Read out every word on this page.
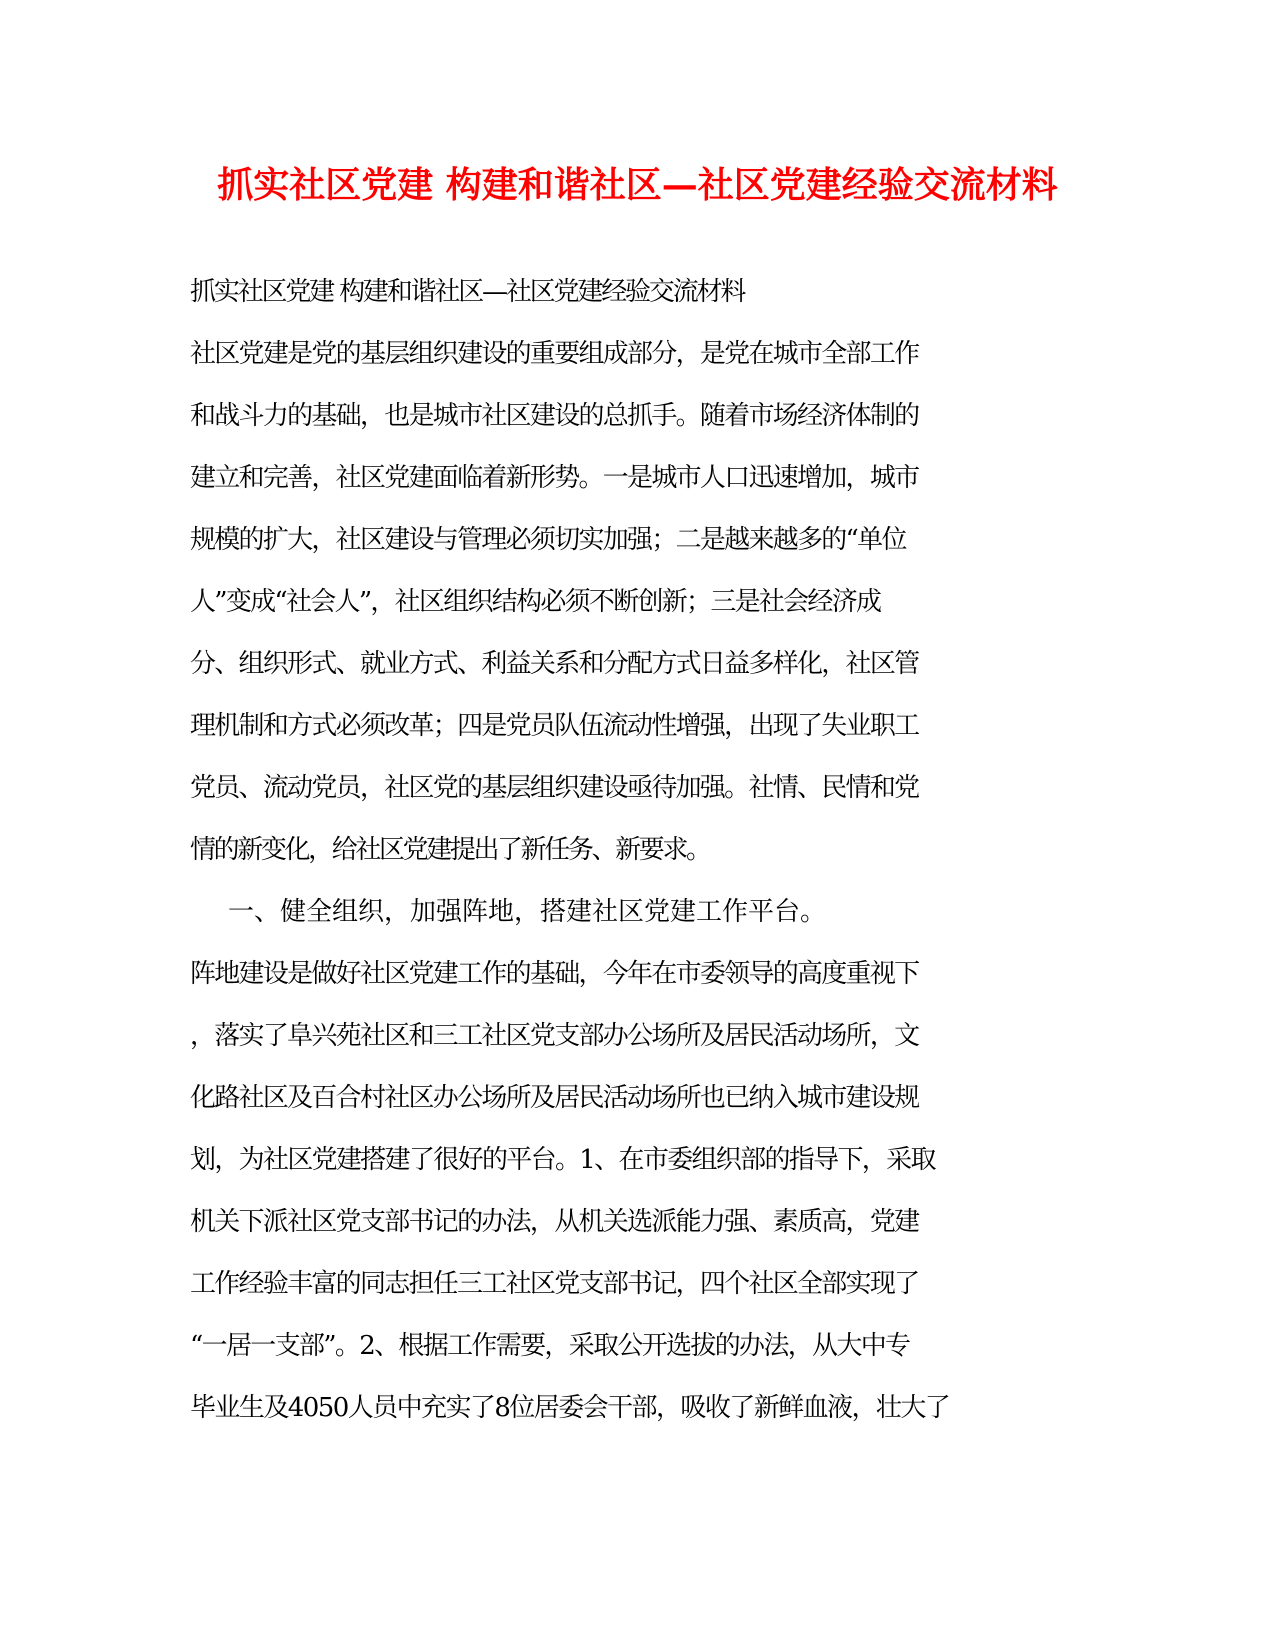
抓实社区党建 构建和谐社区—社区党建经验交流材料
抓实社区党建 构建和谐社区—社区党建经验交流材料
社区党建是党的基层组织建设的重要组成部分，是党在城市全部工作
和战斗力的基础，也是城市社区建设的总抓手。随着市场经济体制的
建立和完善，社区党建面临着新形势。一是城市人口迅速增加，城市
规模的扩大，社区建设与管理必须切实加强；二是越来越多的“单位
人”变成“社会人”，社区组织结构必须不断创新；三是社会经济成
分、组织形式、就业方式、利益关系和分配方式日益多样化，社区管
理机制和方式必须改革；四是党员队伍流动性增强，出现了失业职工
党员、流动党员，社区党的基层组织建设亟待加强。社情、民情和党
情的新变化，给社区党建提出了新任务、新要求。
一、健全组织，加强阵地，搭建社区党建工作平台。
阵地建设是做好社区党建工作的基础，今年在市委领导的高度重视下
，落实了阜兴苑社区和三工社区党支部办公场所及居民活动场所，文
化路社区及百合村社区办公场所及居民活动场所也已纳入城市建设规
划，为社区党建搭建了很好的平台。1、在市委组织部的指导下，采取
机关下派社区党支部书记的办法，从机关选派能力强、素质高，党建
工作经验丰富的同志担任三工社区党支部书记，四个社区全部实现了
“一居一支部”。2、根据工作需要，采取公开选拔的办法，从大中专
毕业生及4050人员中充实了8位居委会干部，吸收了新鲜血液，壮大了
